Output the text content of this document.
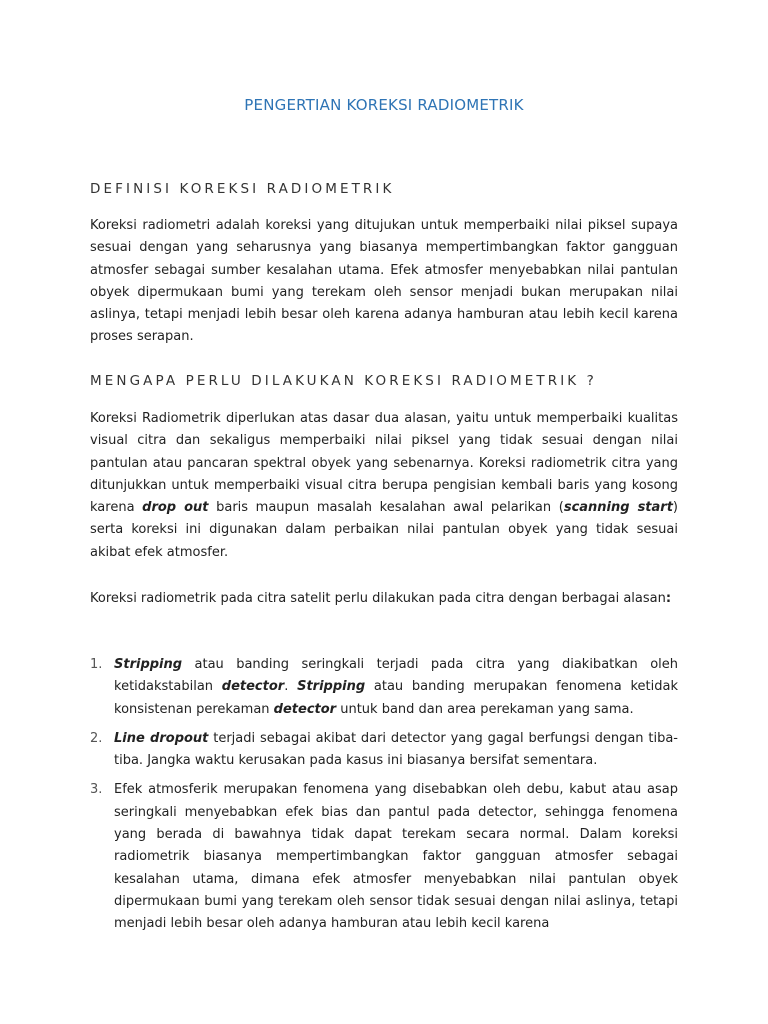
PENGERTIAN KOREKSI RADIOMETRIK
DEFINISI KOREKSI RADIOMETRIK

Koreksi radiometri adalah koreksi yang ditujukan untuk memperbaiki nilai piksel supaya sesuai dengan yang seharusnya yang biasanya mempertimbangkan faktor gangguan atmosfer sebagai sumber kesalahan utama. Efek atmosfer menyebabkan nilai pantulan obyek dipermukaan bumi yang terekam oleh sensor menjadi bukan merupakan nilai aslinya, tetapi menjadi lebih besar oleh karena adanya hamburan atau lebih kecil karena proses serapan.

MENGAPA PERLU DILAKUKAN KOREKSI RADIOMETRIK ?

Koreksi Radiometrik diperlukan atas dasar dua alasan, yaitu untuk memperbaiki kualitas visual citra dan sekaligus memperbaiki nilai piksel yang tidak sesuai dengan nilai pantulan atau pancaran spektral obyek yang sebenarnya. Koreksi radiometrik citra yang ditunjukkan untuk memperbaiki visual citra berupa pengisian kembali baris yang kosong karena drop out baris maupun masalah kesalahan awal pelarikan (scanning start) serta koreksi ini digunakan dalam perbaikan nilai pantulan obyek yang tidak sesuai akibat efek atmosfer.

Koreksi radiometrik pada citra satelit perlu dilakukan pada citra dengan berbagai alasan:

1. Stripping atau banding seringkali terjadi pada citra yang diakibatkan oleh ketidakstabilan detector. Stripping atau banding merupakan fenomena ketidak konsistenan perekaman detector untuk band dan area perekaman yang sama.
2. Line dropout terjadi sebagai akibat dari detector yang gagal berfungsi dengan tiba-tiba. Jangka waktu kerusakan pada kasus ini biasanya bersifat sementara.
3. Efek atmosferik merupakan fenomena yang disebabkan oleh debu, kabut atau asap seringkali menyebabkan efek bias dan pantul pada detector, sehingga fenomena yang berada di bawahnya tidak dapat terekam secara normal. Dalam koreksi radiometrik biasanya mempertimbangkan faktor gangguan atmosfer sebagai kesalahan utama, dimana efek atmosfer menyebabkan nilai pantulan obyek dipermukaan bumi yang terekam oleh sensor tidak sesuai dengan nilai aslinya, tetapi menjadi lebih besar oleh adanya hamburan atau lebih kecil karena
